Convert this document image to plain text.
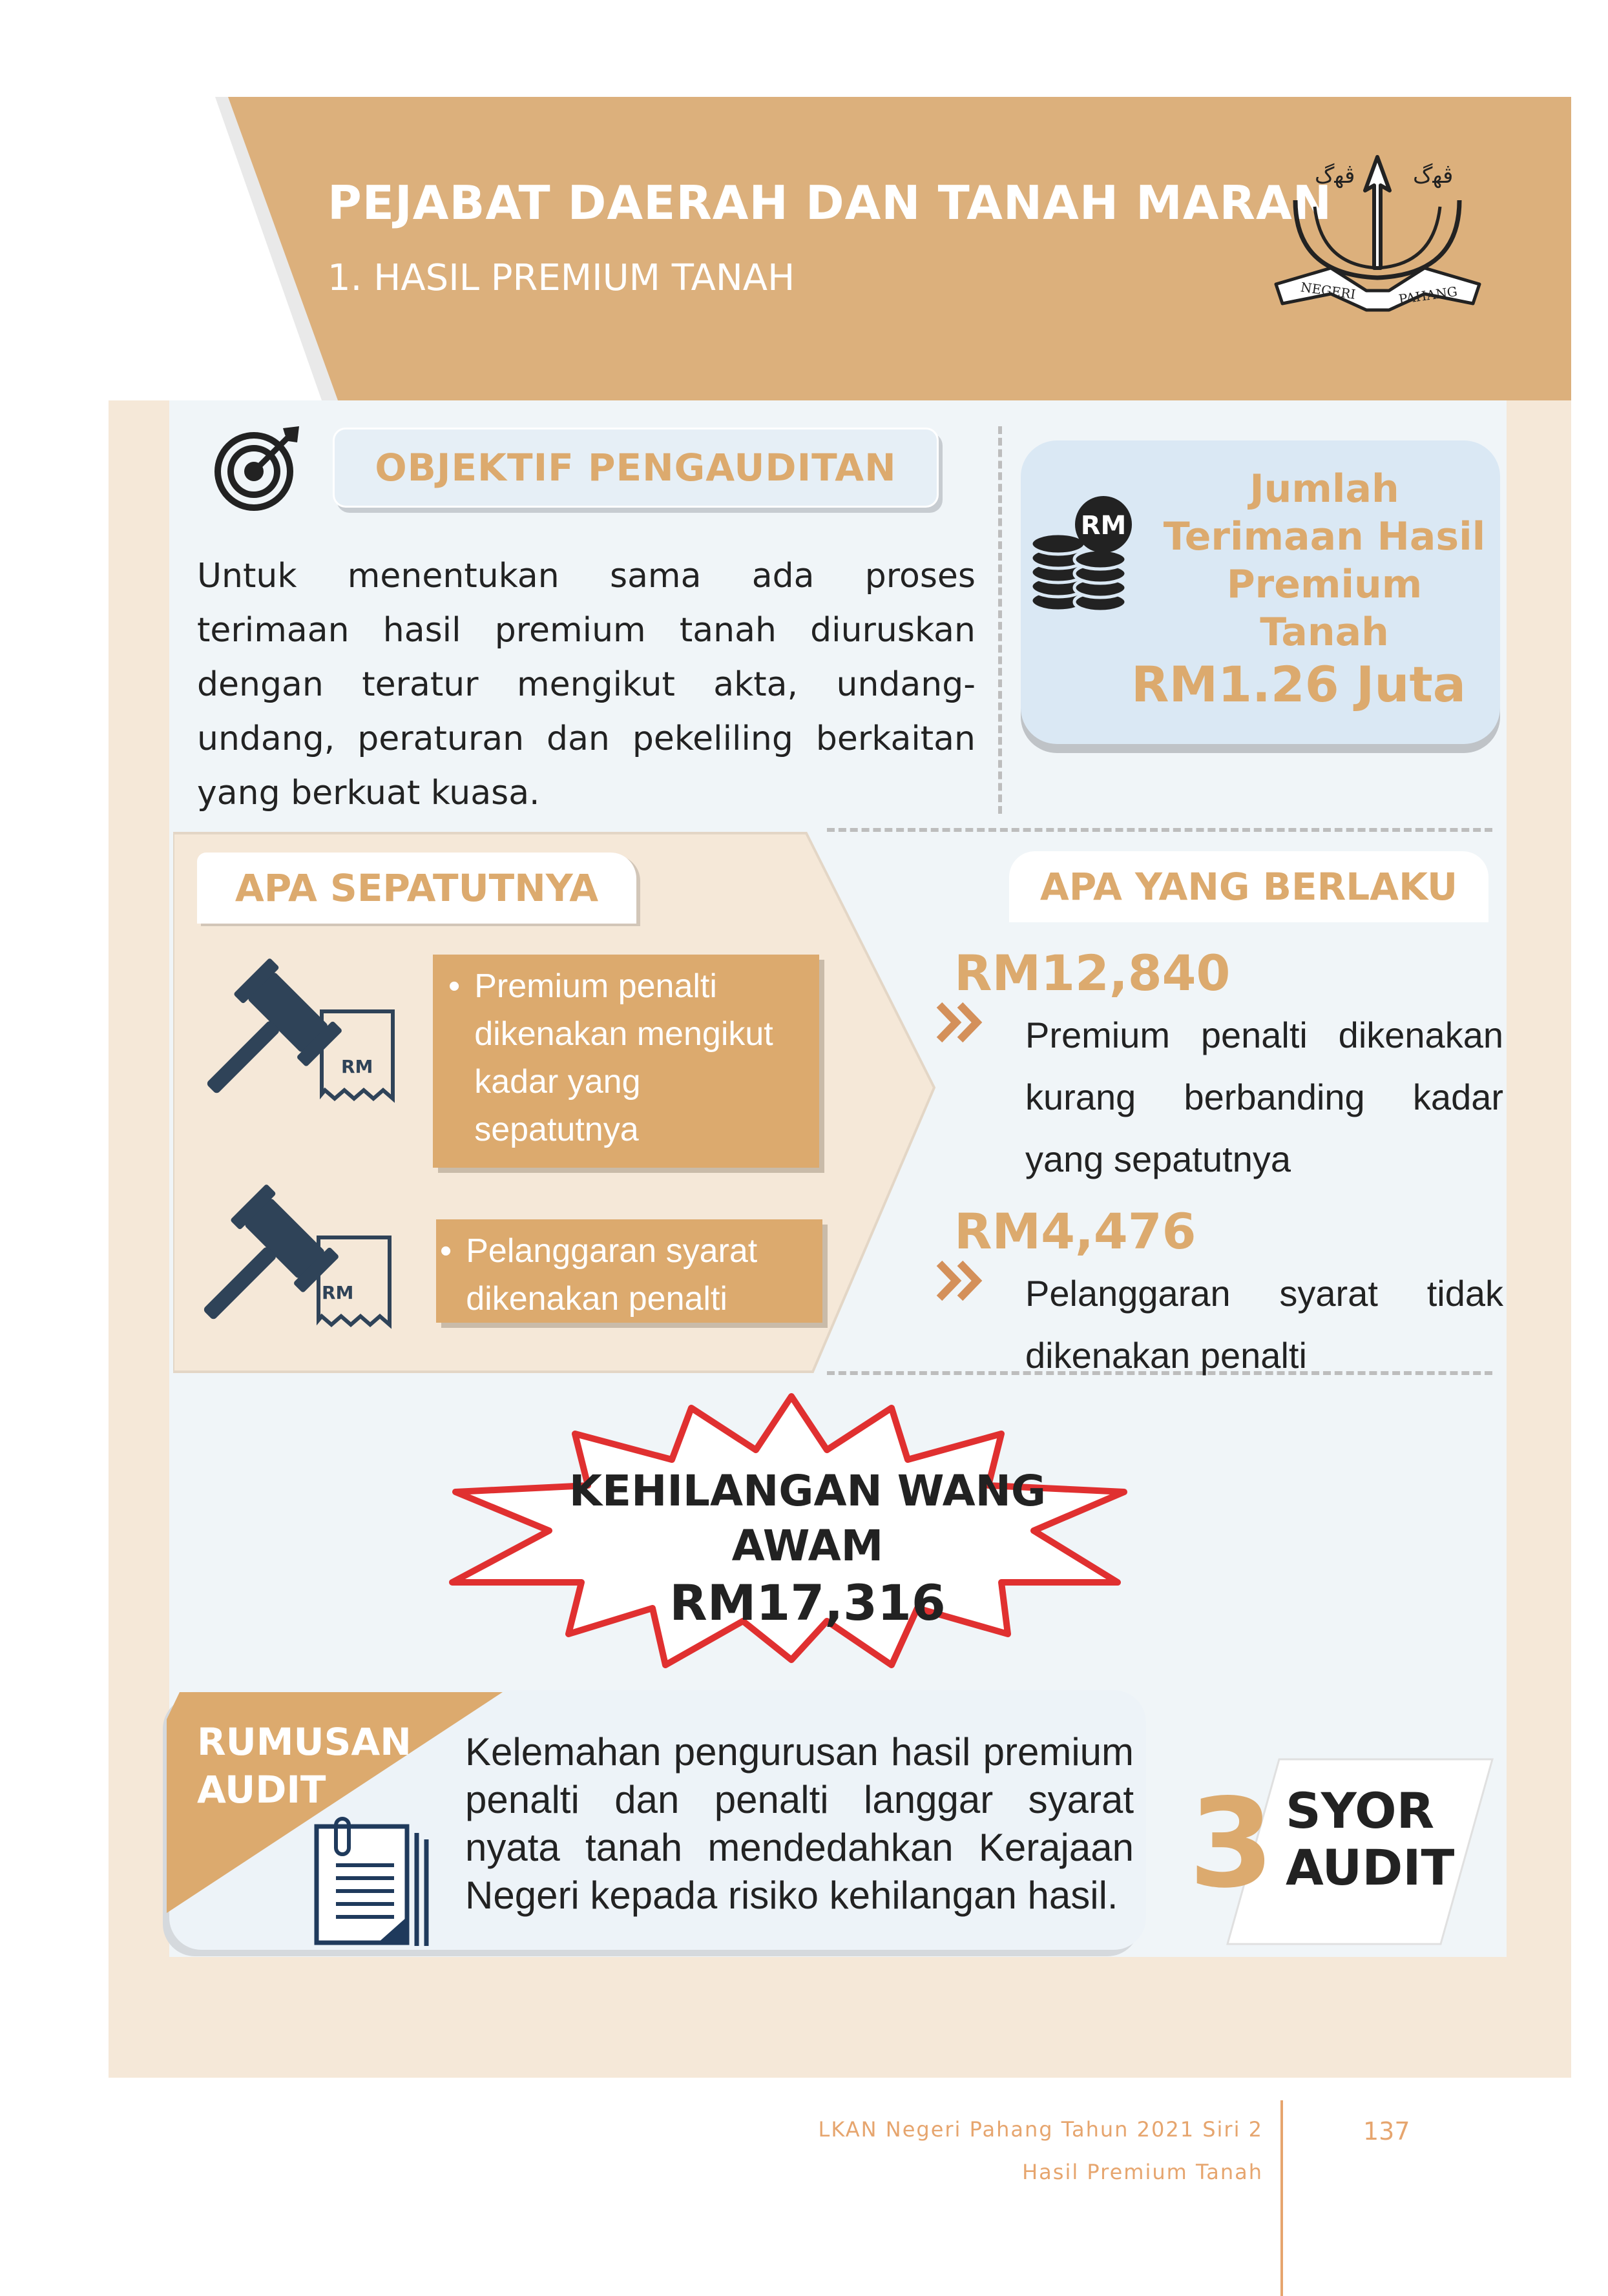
PEJABAT DAERAH DAN TANAH MARAN
1. HASIL PREMIUM TANAH
ﭬﻬﮒ	ﭬﻬﮒ
NEGERI	PAHANG
OBJEKTIF PENGAUDITAN
Untuk menentukan sama ada proses terimaan hasil premium tanah diuruskan dengan teratur mengikut akta, undang-undang, peraturan dan pekeliling berkaitan yang berkuat kuasa.
RM
Jumlah
Terimaan Hasil
Premium
Tanah
RM1.26 Juta
APA SEPATUTNYA
RM
RM
• Premium penalti dikenakan mengikut kadar yang sepatutnya
• Pelanggaran syarat dikenakan penalti
APA YANG BERLAKU
RM12,840
Premium penalti dikenakan kurang berbanding kadar yang sepatutnya
RM4,476
Pelanggaran syarat tidak dikenakan penalti
KEHILANGAN WANG
AWAM
RM17,316
RUMUSAN
AUDIT
Kelemahan pengurusan hasil premium penalti dan penalti langgar syarat nyata tanah mendedahkan Kerajaan Negeri kepada risiko kehilangan hasil. 3 SYOR
AUDIT
LKAN Negeri Pahang Tahun 2021 Siri 2
Hasil Premium Tanah
137
